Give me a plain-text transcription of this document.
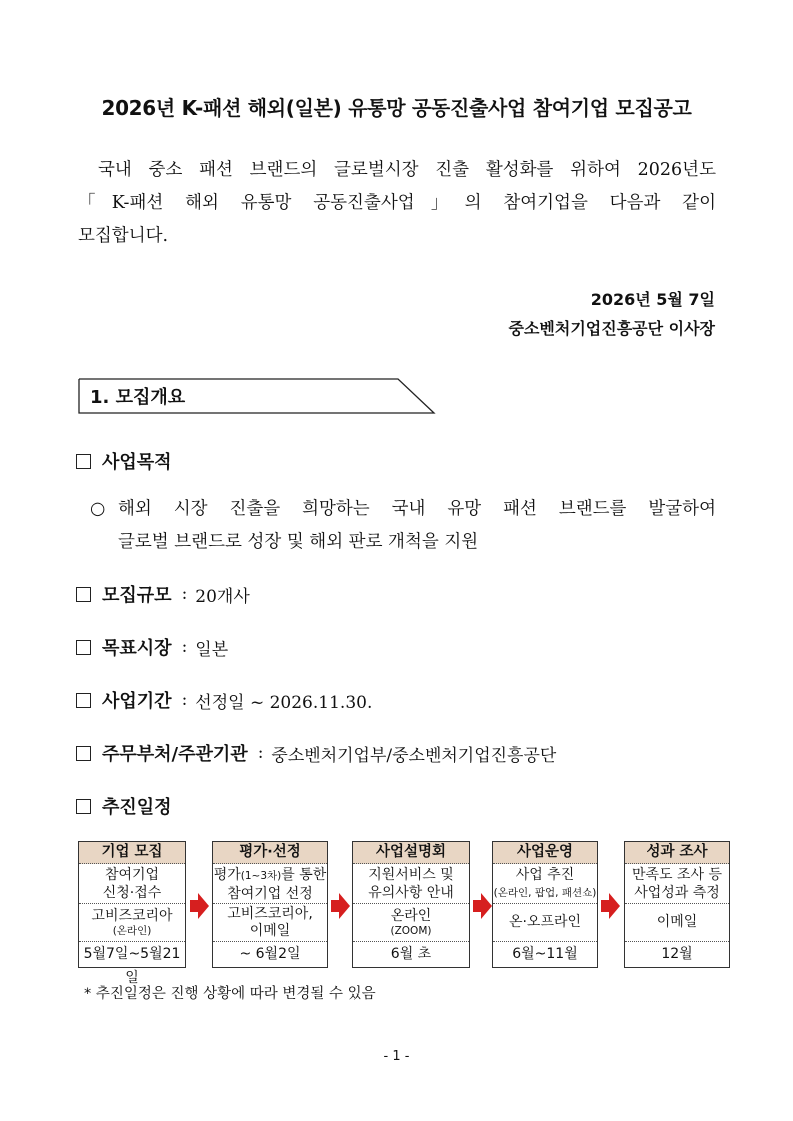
2026년 K-패션 해외(일본) 유통망 공동진출사업 참여기업 모집공고
국내 중소 패션 브랜드의 글로벌시장 진출 활성화를 위하여 2026년도
「K-패션 해외 유통망 공동진출사업」의 참여기업을 다음과 같이
모집합니다.
2026년 5월 7일
중소벤처기업진흥공단 이사장
1. 모집개요
사업목적
○ 해외 시장 진출을 희망하는 국내 유망 패션 브랜드를 발굴하여
글로벌 브랜드로 성장 및 해외 판로 개척을 지원
모집규모 : 20개사
목표시장 : 일본
사업기간 : 선정일 ~ 2026.11.30.
주무부처/주관기관 : 중소벤처기업부/중소벤처기업진흥공단
추진일정
기업 모집
참여기업
신청·접수
고비즈코리아
(온라인)
5월7일~5월21일
평가·선정
평가(1~3차)를 통한
참여기업 선정
고비즈코리아,
이메일
~ 6월2일
사업설명회
지원서비스 및
유의사항 안내
온라인
(ZOOM)
6월 초
사업운영
사업 추진
(온라인, 팝업, 패션쇼)
온·오프라인
6월~11월
성과 조사
만족도 조사 등
사업성과 측정
이메일
12월
* 추진일정은 진행 상황에 따라 변경될 수 있음
- 1 -
